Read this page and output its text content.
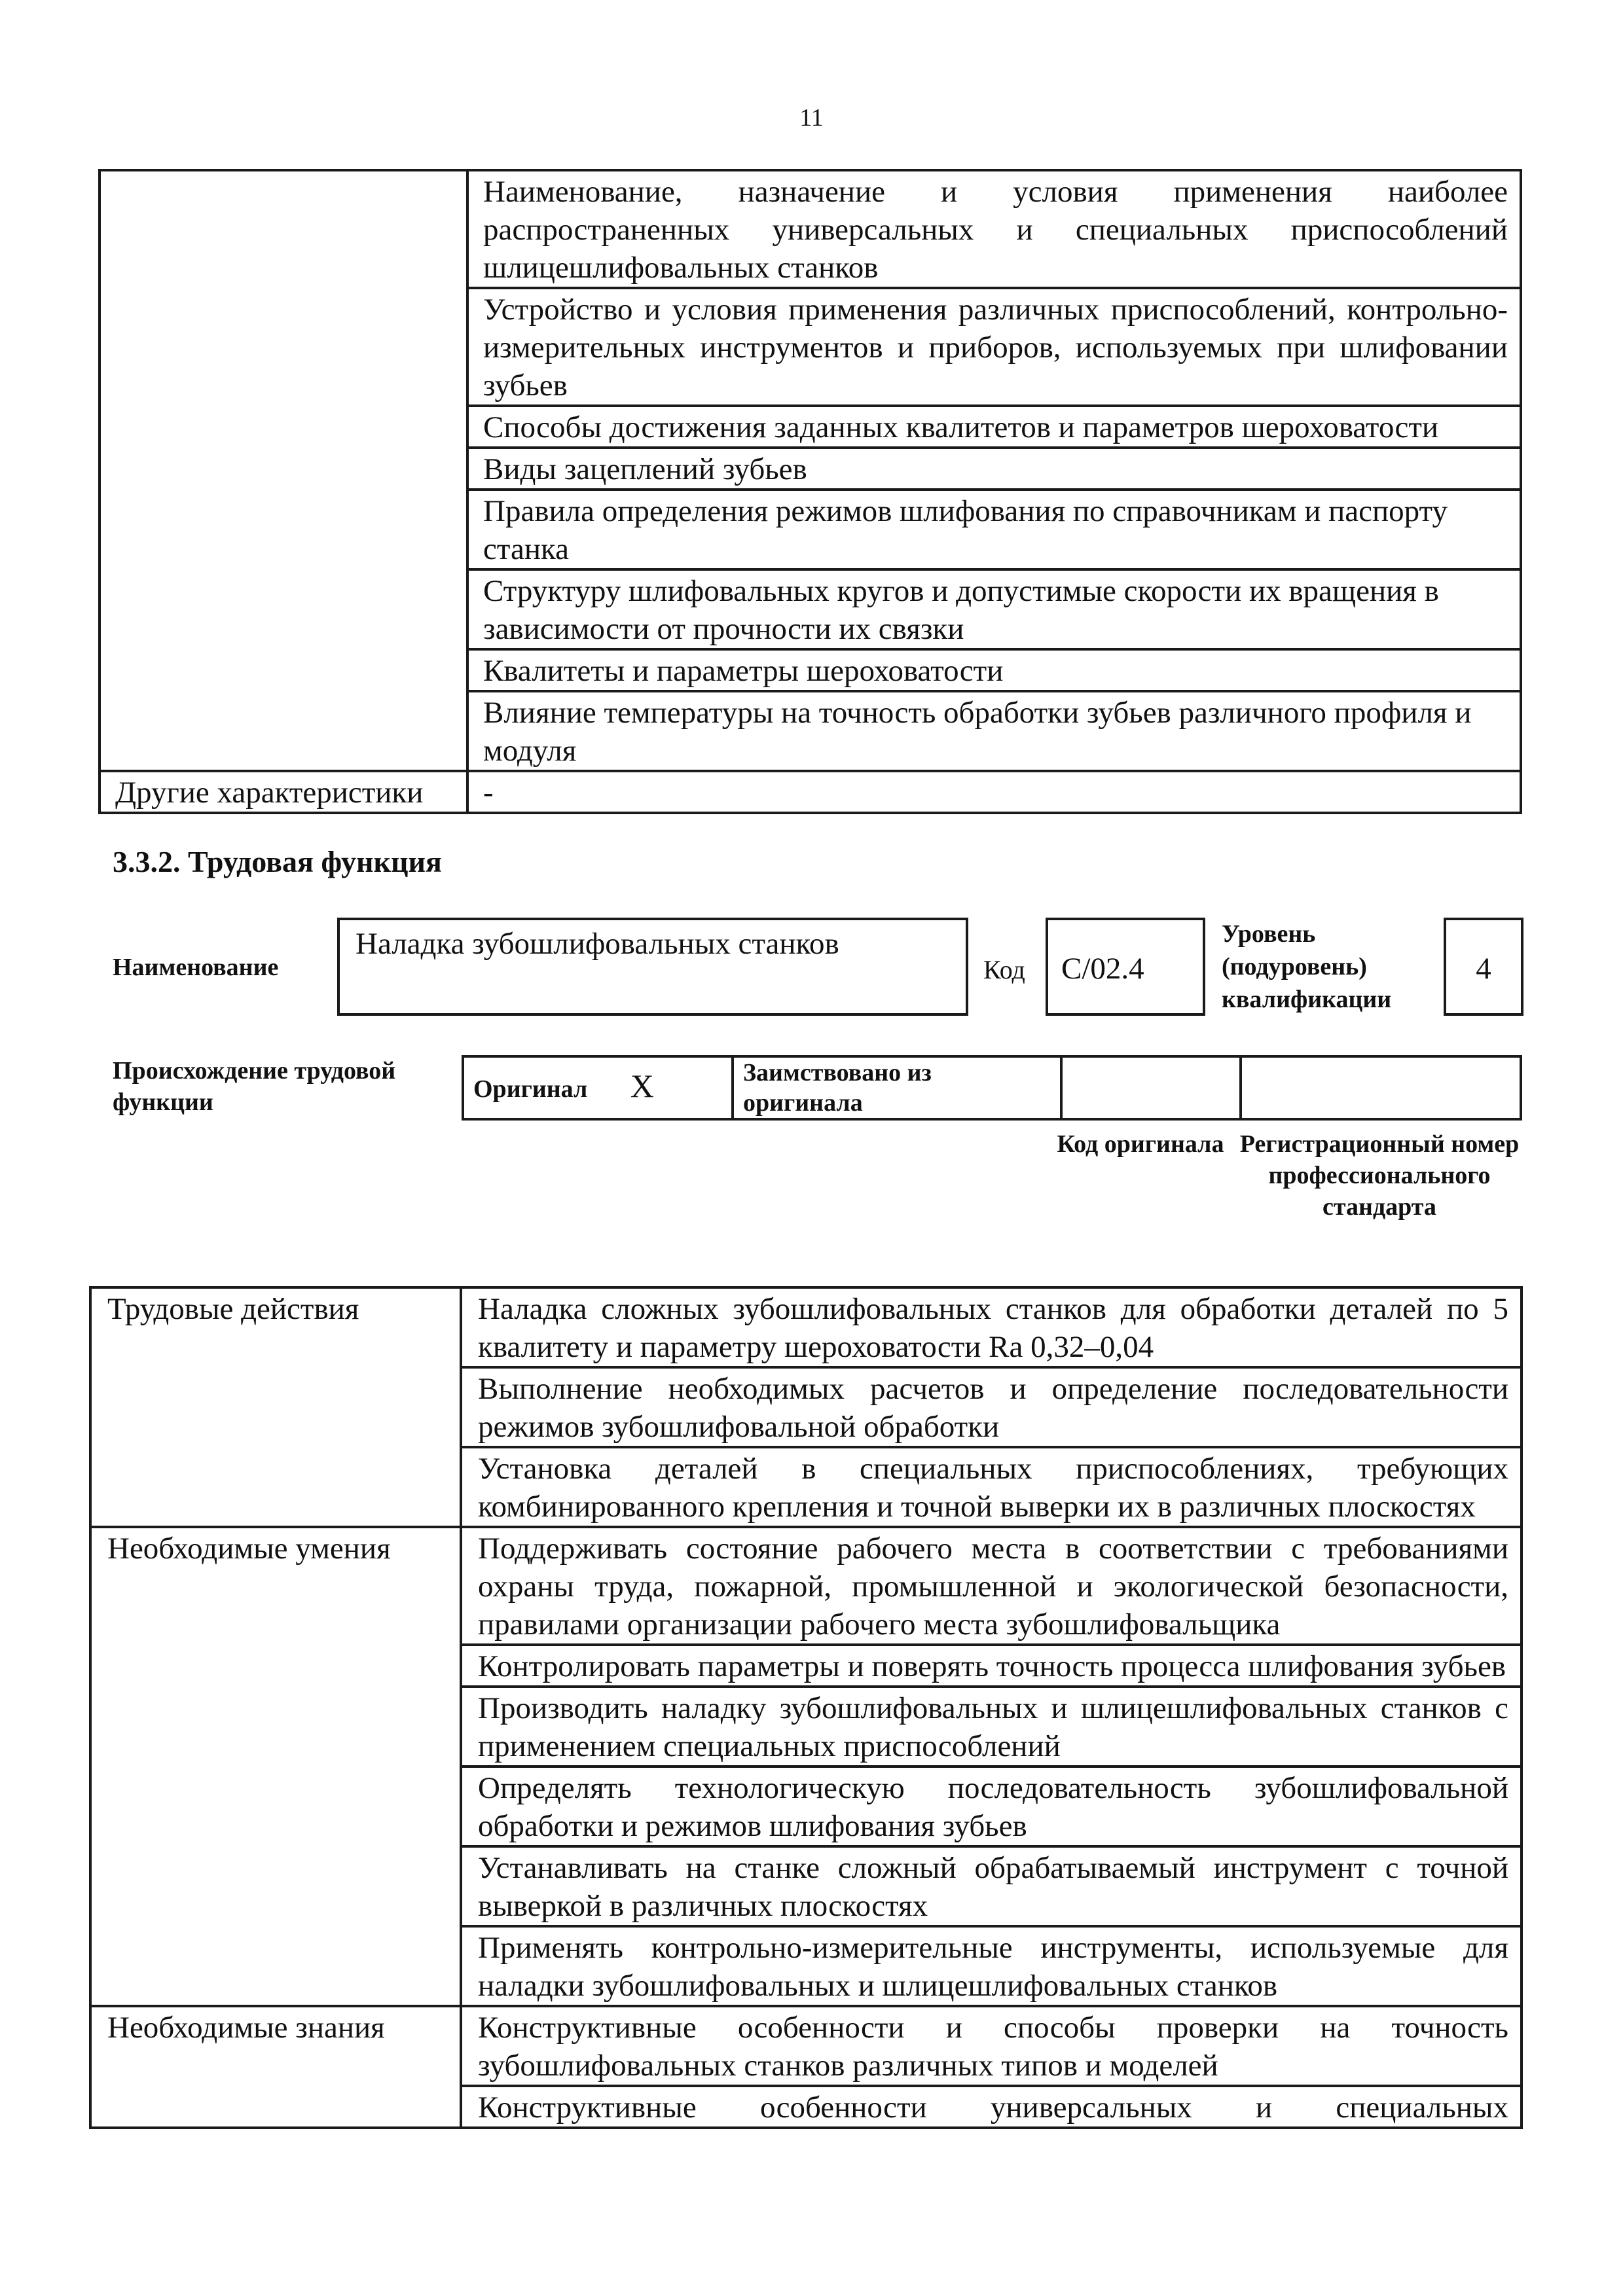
11
	Наименование, назначение и условия применения наиболее распространенных универсальных и специальных приспособлений шлицешлифовальных станков
	Устройство и условия применения различных приспособлений, контрольно-измерительных инструментов и приборов, используемых при шлифовании зубьев
	Способы достижения заданных квалитетов и параметров шероховатости
	Виды зацеплений зубьев
	Правила определения режимов шлифования по справочникам и паспорту станка
	Структуру шлифовальных кругов и допустимые скорости их вращения в зависимости от прочности их связки
	Квалитеты и параметры шероховатости
	Влияние температуры на точность обработки зубьев различного профиля и модуля
Другие характеристики	-
3.3.2. Трудовая функция
Наименование
Наладка зубошлифовальных станков
Код	C/02.4
Уровень (подуровень) квалификации
4
Происхождение трудовой функции	Оригинал X	Заимствовано из оригинала		
Код оригинала Регистрационный номер профессионального стандарта
Трудовые действия	Наладка сложных зубошлифовальных станков для обработки деталей по 5 квалитету и параметру шероховатости Ra 0,32–0,04
	Выполнение необходимых расчетов и определение последовательности режимов зубошлифовальной обработки
	Установка деталей в специальных приспособлениях, требующих комбинированного крепления и точной выверки их в различных плоскостях
Необходимые умения	Поддерживать состояние рабочего места в соответствии с требованиями охраны труда, пожарной, промышленной и экологической безопасности, правилами организации рабочего места зубошлифовальщика
	Контролировать параметры и поверять точность процесса шлифования зубьев
	Производить наладку зубошлифовальных и шлицешлифовальных станков с применением специальных приспособлений
	Определять технологическую последовательность зубошлифовальной обработки и режимов шлифования зубьев
	Устанавливать на станке сложный обрабатываемый инструмент с точной выверкой в различных плоскостях
	Применять контрольно-измерительные инструменты, используемые для наладки зубошлифовальных и шлицешлифовальных станков
Необходимые знания	Конструктивные особенности и способы проверки на точность зубошлифовальных станков различных типов и моделей
	Конструктивные особенности универсальных и специальных
